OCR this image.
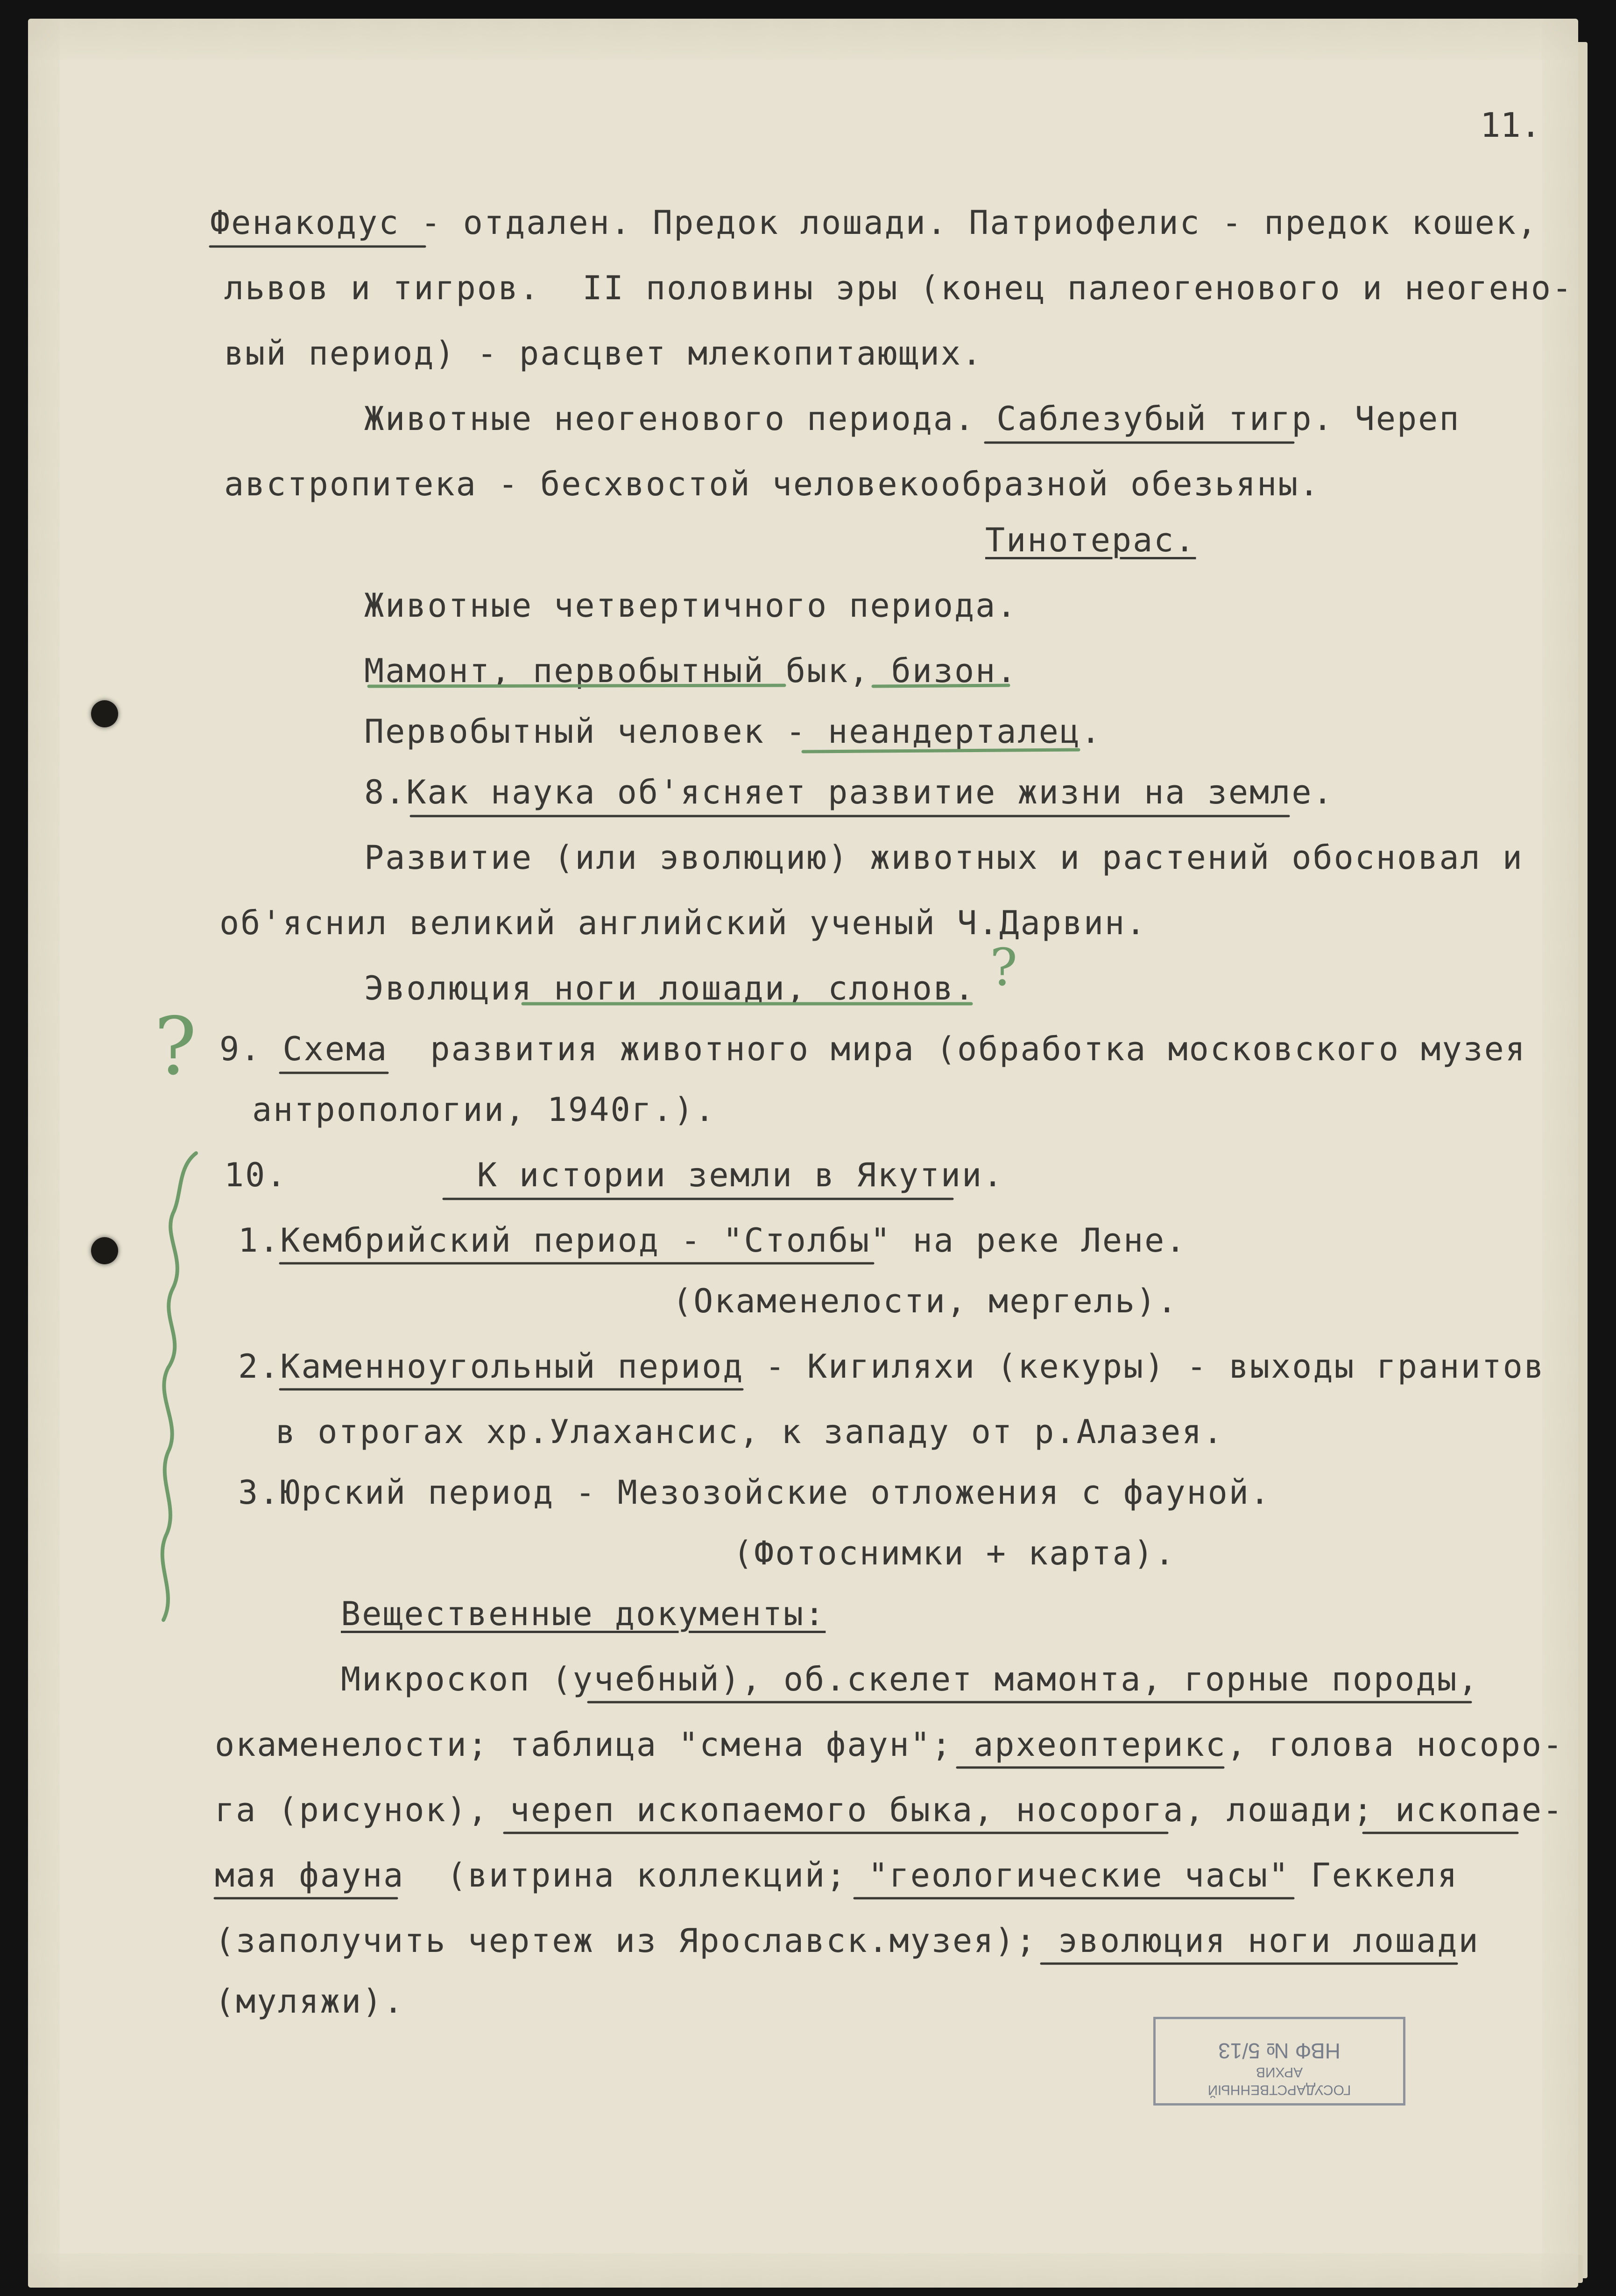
11.
Фенакодус - отдален. Предок лошади. Патриофелис - предок кошек,
львов и тигров.  II половины эры (конец палеогенового и неогено-
вый период) - расцвет млекопитающих.
Животные неогенового периода. Саблезубый тигр. Череп
австропитека - бесхвостой человекообразной обезьяны.
Тинотерас.
Животные четвертичного периода.
Мамонт, первобытный бык, бизон.
Первобытный человек - неандерталец.
8.Как наука об'ясняет развитие жизни на земле.
Развитие (или эволюцию) животных и растений обосновал и
об'яснил великий английский ученый Ч.Дарвин.
Эволюция ноги лошади, слонов.
9. Схема  развития животного мира (обработка московского музея
антропологии, 1940г.).
10.         К истории земли в Якутии.
1.Кембрийский период - "Столбы" на реке Лене.
(Окаменелости, мергель).
2.Каменноугольный период - Кигиляхи (кекуры) - выходы гранитов
в отрогах хр.Улахансис, к западу от р.Алазея.
3.Юрский период - Мезозойские отложения с фауной.
(Фотоснимки + карта).
Вещественные документы:
Микроскоп (учебный), об.скелет мамонта, горные породы,
окаменелости; таблица "смена фаун"; археоптерикс, голова носоро-
га (рисунок), череп ископаемого быка, носорога, лошади; ископае-
мая фауна  (витрина коллекций; "геологические часы" Геккеля
(заполучить чертеж из Ярославск.музея); эволюция ноги лошади
(муляжи).
?
?
ГОСУДАРСТВЕННЫЙ
АРХИВ
НВФ № 5/13
